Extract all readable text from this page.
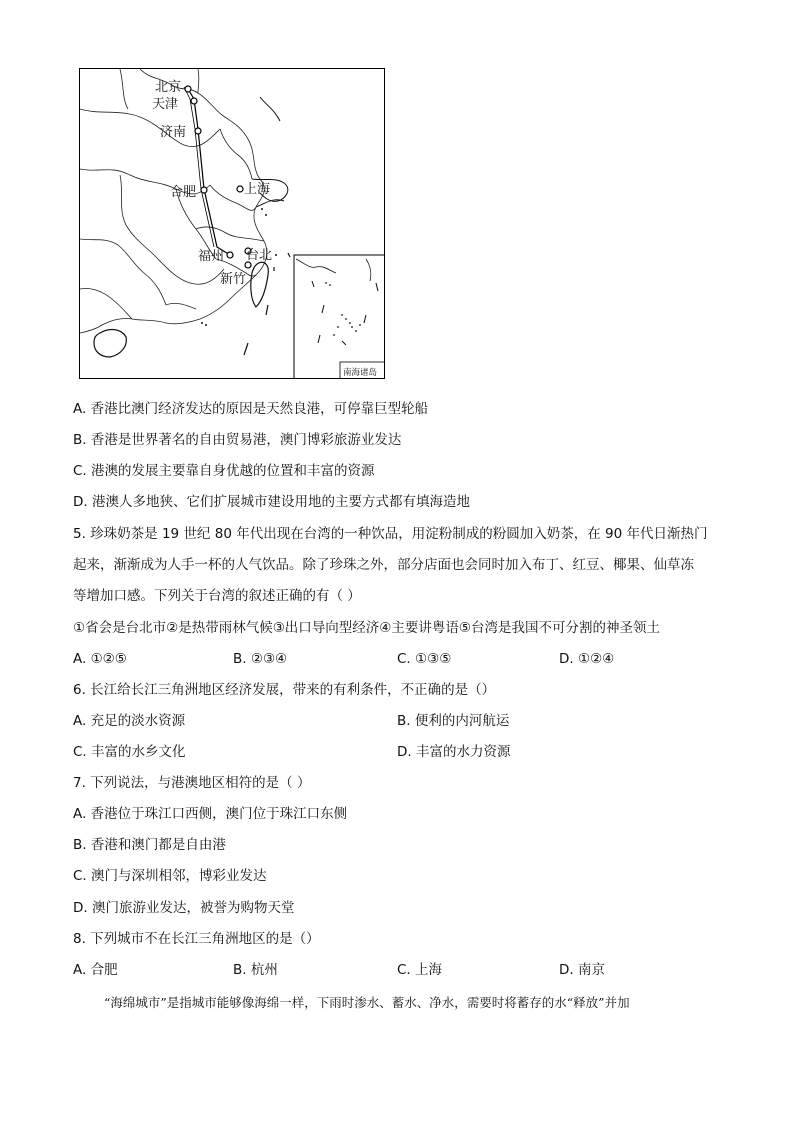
北京
天津
济南
合肥	上海
福州 台北
新竹
南海诸岛
A. 香港比澳门经济发达的原因是天然良港，可停靠巨型轮船
B. 香港是世界著名的自由贸易港，澳门博彩旅游业发达
C. 港澳的发展主要靠自身优越的位置和丰富的资源
D. 港澳人多地狭、它们扩展城市建设用地的主要方式都有填海造地
5. 珍珠奶茶是 19 世纪 80 年代出现在台湾的一种饮品，用淀粉制成的粉圆加入奶茶，在 90 年代日渐热门
起来，渐渐成为人手一杯的人气饮品。除了珍珠之外，部分店面也会同时加入布丁、红豆、椰果、仙草冻
等增加口感。下列关于台湾的叙述正确的有（ ）
①省会是台北市②是热带雨林气候③出口导向型经济④主要讲粤语⑤台湾是我国不可分割的神圣领土
A. ①②⑤	B. ②③④	C. ①③⑤	D. ①②④
6. 长江给长江三角洲地区经济发展，带来的有利条件，不正确的是（）
A. 充足的淡水资源	B. 便利的内河航运
C. 丰富的水乡文化	D. 丰富的水力资源
7. 下列说法，与港澳地区相符的是（ ）
A. 香港位于珠江口西侧，澳门位于珠江口东侧
B. 香港和澳门都是自由港
C. 澳门与深圳相邻，博彩业发达
D. 澳门旅游业发达，被誉为购物天堂
8. 下列城市不在长江三角洲地区的是（）
A. 合肥	B. 杭州	C. 上海	D. 南京
“海绵城市”是指城市能够像海绵一样，下雨时渗水、蓄水、净水，需要时将蓄存的水“释放”并加
